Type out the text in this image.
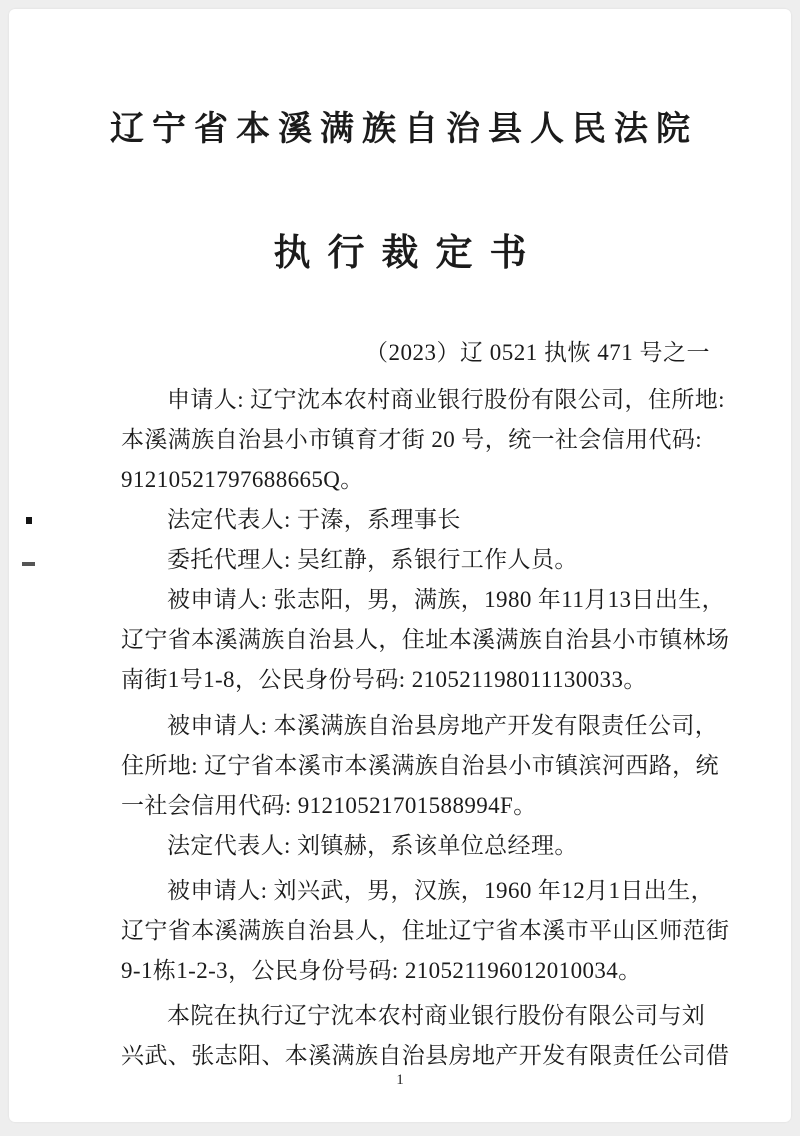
辽宁省本溪满族自治县人民法院
执行裁定书
（2023）辽 0521 执恢 471 号之一
申请人: 辽宁沈本农村商业银行股份有限公司，住所地:
本溪满族自治县小市镇育才街 20 号，统一社会信用代码:
91210521797688665Q。
法定代表人: 于溱，系理事长
委托代理人: 吴红静，系银行工作人员。
被申请人: 张志阳，男，满族，1980 年11月13日出生，
辽宁省本溪满族自治县人，住址本溪满族自治县小市镇林场
南街1号1-8，公民身份号码: 210521198011130033。
被申请人: 本溪满族自治县房地产开发有限责任公司，
住所地: 辽宁省本溪市本溪满族自治县小市镇滨河西路，统
一社会信用代码: 91210521701588994F。
法定代表人: 刘镇赫，系该单位总经理。
被申请人: 刘兴武，男，汉族，1960 年12月1日出生，
辽宁省本溪满族自治县人，住址辽宁省本溪市平山区师范街
9-1栋1-2-3，公民身份号码: 210521196012010034。
本院在执行辽宁沈本农村商业银行股份有限公司与刘
兴武、张志阳、本溪满族自治县房地产开发有限责任公司借
1
